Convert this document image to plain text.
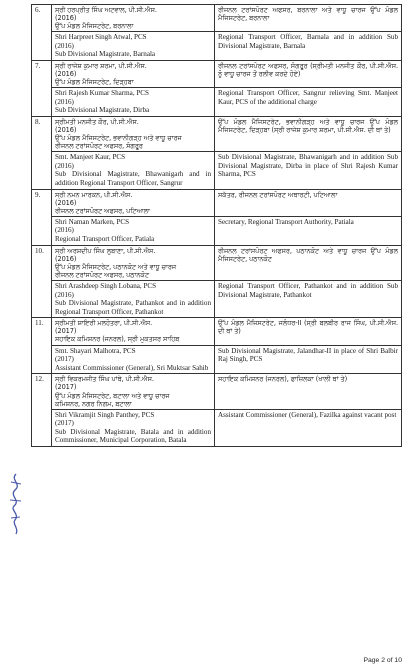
6.	ਸ੍ਰੀ ਹਰਪ੍ਰੀਤ ਸਿੰਘ ਅਟਵਾਲ, ਪੀ.ਸੀ.ਐਸ.
(2016)
ਉੱਪ ਮੰਡਲ ਮੈਜਿਸਟਰੇਟ, ਬਰਨਾਲਾ	ਰੀਜਨਲ ਟਰਾਂਸਪੋਰਟ ਅਫਸਰ, ਬਰਨਾਲਾ ਅਤੇ ਵਾਧੂ ਚਾਰਜ ਉੱਪ ਮੰਡਲ ਮੈਜਿਸਟਰੇਟ, ਬਰਨਾਲਾ

	Shri Harpreet Singh Atwal, PCS
(2016)
Sub Divisional Magistrate, Barnala	Regional Transport Officer, Barnala and in addition Sub Divisional Magistrate, Barnala
7.	ਸ੍ਰੀ ਰਾਜੇਸ਼ ਕੁਮਾਰ ਸ਼ਰਮਾ, ਪੀ.ਸੀ.ਐਸ.
(2016)
ਉੱਪ ਮੰਡਲ ਮੈਜਿਸਟਰੇਟ, ਦਿੜ੍ਹਬਾ	ਰੀਜਨਲ ਟਰਾਂਸਪੋਰਟ ਅਫਸਰ, ਸੰਗਰੂਰ (ਸ੍ਰੀਮਤੀ ਮਨਜੀਤ ਕੌਰ, ਪੀ.ਸੀ.ਐਸ. ਨੂੰ ਵਾਧੂ ਚਾਰਜ ਤੋਂ ਰਲੀਵ ਕਰਦੇ ਹੋਏ)

	Shri Rajesh Kumar Sharma, PCS
(2016)
Sub Divisional Magistrate, Dirba	Regional Transport Officer, Sangrur relieving Smt. Manjeet Kaur, PCS of the additional charge
8.	ਸ੍ਰੀਮਤੀ ਮਨਜੀਤ ਕੌਰ, ਪੀ.ਸੀ.ਐਸ.
(2016)
ਉੱਪ ਮੰਡਲ ਮੈਜਿਸਟਰੇਟ, ਭਵਾਨੀਗੜ੍ਹ ਅਤੇ ਵਾਧੂ ਚਾਰਜ
ਰੀਜਨਲ ਟਰਾਂਸਪੋਰਟ ਅਫਸਰ, ਸੰਗਰੂਰ	ਉੱਪ ਮੰਡਲ ਮੈਜਿਸਟਰੇਟ, ਭਵਾਨੀਗੜ੍ਹ ਅਤੇ ਵਾਧੂ ਚਾਰਜ ਉੱਪ ਮੰਡਲ ਮੈਜਿਸਟਰੇਟ, ਦਿੜ੍ਹਬਾ (ਸ੍ਰੀ ਰਾਜੇਸ਼ ਕੁਮਾਰ ਸ਼ਰਮਾ, ਪੀ.ਸੀ.ਐਸ. ਦੀ ਥਾਂ ਤੇ)

	Smt. Manjeet Kaur, PCS
(2016)
Sub Divisional Magistrate, Bhawanigarh and in addition Regional Transport Officer, Sangrur	Sub Divisional Magistrate, Bhawanigarh and in addition Sub Divisional Magistrate, Dirba in place of Shri Rajesh Kumar Sharma, PCS
9.	ਸ੍ਰੀ ਨਮਨ ਮਾਰਕਨ, ਪੀ.ਸੀ.ਐਸ.
(2016)
ਰੀਜਨਲ ਟਰਾਂਸਪੋਰਟ ਅਫਸਰ, ਪਟਿਆਲਾ	ਸਕੱਤਰ, ਰੀਜਨਲ ਟਰਾਂਸਪੋਰਟ ਅਥਾਰਟੀ, ਪਟਿਆਲਾ

	Shri Naman Marken, PCS
(2016)
Regional Transport Officer, Patiala	Secretary, Regional Transport Authority, Patiala
10.	ਸ੍ਰੀ ਅਰਸ਼ਦੀਪ ਸਿੰਘ ਲੁਬਾਣਾ, ਪੀ.ਸੀ.ਐਸ.
(2016)
ਉੱਪ ਮੰਡਲ ਮੈਜਿਸਟਰੇਟ, ਪਠਾਨਕੋਟ ਅਤੇ ਵਾਧੂ ਚਾਰਜ
ਰੀਜਨਲ ਟਰਾਂਸਪੋਰਟ ਅਫਸਰ, ਪਠਾਨਕੋਟ	ਰੀਜਨਲ ਟਰਾਂਸਪੋਰਟ ਅਫਸਰ, ਪਠਾਨਕੋਟ ਅਤੇ ਵਾਧੂ ਚਾਰਜ ਉੱਪ ਮੰਡਲ ਮੈਜਿਸਟਰੇਟ, ਪਠਾਨਕੋਟ

	Shri Arashdeep Singh Lobana, PCS
(2016)
Sub Divisional Magistrate, Pathankot and in addition Regional Transport Officer, Pathankot	Regional Transport Officer, Pathankot and in addition Sub Divisional Magistrate, Pathankot
11.	ਸ੍ਰੀਮਤੀ ਸ਼ਾਇਰੀ ਮਲਹੋਤਰਾ, ਪੀ.ਸੀ.ਐਸ.
(2017)
ਸਹਾਇਕ ਕਮਿਸ਼ਨਰ (ਜਨਰਲ), ਸ੍ਰੀ ਮੁਕਤਸਰ ਸਾਹਿਬ	ਉੱਪ ਮੰਡਲ ਮੈਜਿਸਟਰੇਟ, ਜਲੰਧਰ-II (ਸ੍ਰੀ ਬਲਬੀਰ ਰਾਜ ਸਿੰਘ, ਪੀ.ਸੀ.ਐਸ. ਦੀ ਥਾਂ ਤੇ)

	Smt. Shayari Malhotra, PCS
(2017)
Assistant Commissioner (General), Sri Muktsar Sahib	Sub Divisional Magistrate, Jalandhar-II in place of Shri Balbir Raj Singh, PCS
12.	ਸ੍ਰੀ ਵਿਕਰਮਜੀਤ ਸਿੰਘ ਪਾਂਥੇ, ਪੀ.ਸੀ.ਐਸ.
(2017)
ਉੱਪ ਮੰਡਲ ਮੈਜਿਸਟਰੇਟ, ਬਟਾਲਾ ਅਤੇ ਵਾਧੂ ਚਾਰਜ
ਕਮਿਸ਼ਨਰ, ਨਗਰ ਨਿਗਮ, ਬਟਾਲਾ	ਸਹਾਇਕ ਕਮਿਸ਼ਨਰ (ਜਨਰਲ), ਫਾਜ਼ਿਲਕਾ (ਖਾਲੀ ਥਾਂ ਤੇ)

	Shri Vikramjit Singh Panthey, PCS
(2017)
Sub Divisional Magistrate, Batala and in addition Commissioner, Municipal Corporation, Batala	Assistant Commissioner (General), Fazilka against vacant post
Page 2 of 10
